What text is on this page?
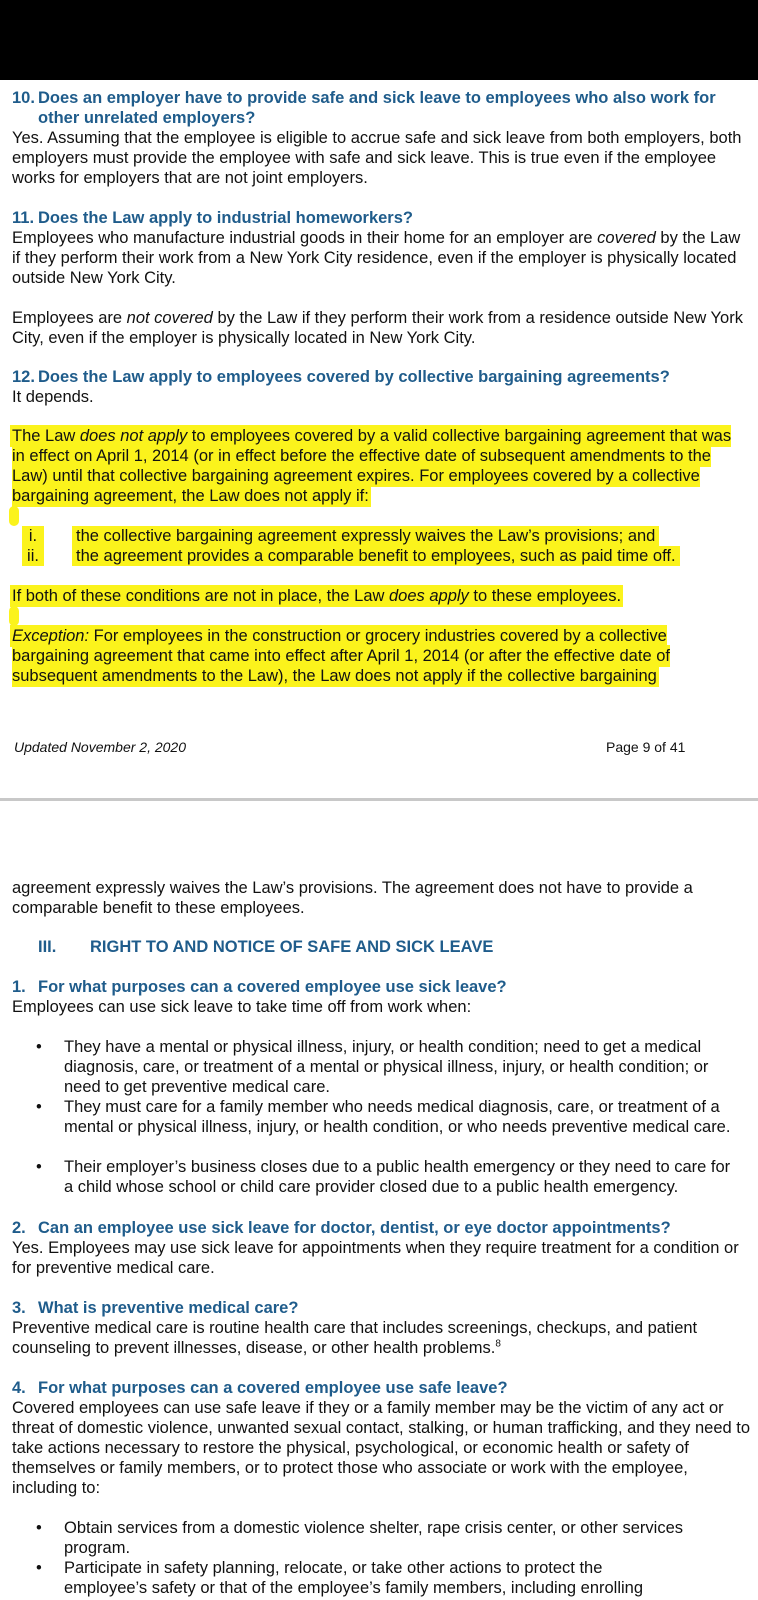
10. Does an employer have to provide safe and sick leave to employees who also work for
other unrelated employers?
Yes. Assuming that the employee is eligible to accrue safe and sick leave from both employers, both employers must provide the employee with safe and sick leave. This is true even if the employee works for employers that are not joint employers.
11. Does the Law apply to industrial homeworkers?
Employees who manufacture industrial goods in their home for an employer are covered by the Law if they perform their work from a New York City residence, even if the employer is physically located outside New York City.
Employees are not covered by the Law if they perform their work from a residence outside New York City, even if the employer is physically located in New York City.
12. Does the Law apply to employees covered by collective bargaining agreements?
It depends.
The Law does not apply to employees covered by a valid collective bargaining agreement that was in effect on April 1, 2014 (or in effect before the effective date of subsequent amendments to the Law) until that collective bargaining agreement expires. For employees covered by a collective bargaining agreement, the Law does not apply if:
i.	the collective bargaining agreement expressly waives the Law’s provisions; and
ii.	the agreement provides a comparable benefit to employees, such as paid time off.
If both of these conditions are not in place, the Law does apply to these employees.
Exception: For employees in the construction or grocery industries covered by a collective bargaining agreement that came into effect after April 1, 2014 (or after the effective date of subsequent amendments to the Law), the Law does not apply if the collective bargaining
Updated November 2, 2020	Page 9 of 41
agreement expressly waives the Law’s provisions. The agreement does not have to provide a comparable benefit to these employees.
III. RIGHT TO AND NOTICE OF SAFE AND SICK LEAVE
1. For what purposes can a covered employee use sick leave?
Employees can use sick leave to take time off from work when:
•	They have a mental or physical illness, injury, or health condition; need to get a medical diagnosis, care, or treatment of a mental or physical illness, injury, or health condition; or need to get preventive medical care.
•	They must care for a family member who needs medical diagnosis, care, or treatment of a mental or physical illness, injury, or health condition, or who needs preventive medical care.
•	Their employer’s business closes due to a public health emergency or they need to care for a child whose school or child care provider closed due to a public health emergency.
2. Can an employee use sick leave for doctor, dentist, or eye doctor appointments?
Yes. Employees may use sick leave for appointments when they require treatment for a condition or for preventive medical care.
3. What is preventive medical care?
Preventive medical care is routine health care that includes screenings, checkups, and patient counseling to prevent illnesses, disease, or other health problems.$^8$
4. For what purposes can a covered employee use safe leave?
Covered employees can use safe leave if they or a family member may be the victim of any act or threat of domestic violence, unwanted sexual contact, stalking, or human trafficking, and they need to take actions necessary to restore the physical, psychological, or economic health or safety of themselves or family members, or to protect those who associate or work with the employee, including to:
•	Obtain services from a domestic violence shelter, rape crisis center, or other services program.
•	Participate in safety planning, relocate, or take other actions to protect the employee’s safety or that of the employee’s family members, including enrolling
